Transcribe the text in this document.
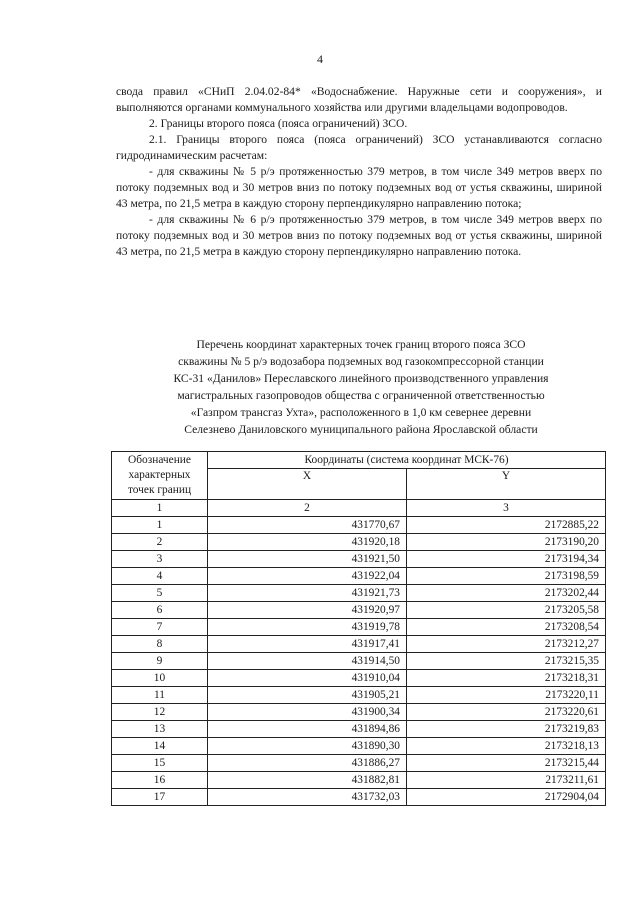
4

свода правил «СНиП 2.04.02-84* «Водоснабжение. Наружные сети и сооружения», и выполняются органами коммунального хозяйства или другими владельцами водопроводов.

2. Границы второго пояса (пояса ограничений) ЗСО.

2.1. Границы второго пояса (пояса ограничений) ЗСО устанавливаются согласно гидродинамическим расчетам:

- для скважины № 5 р/э протяженностью 379 метров, в том числе 349 метров вверх по потоку подземных вод и 30 метров вниз по потоку подземных вод от устья скважины, шириной 43 метра, по 21,5 метра в каждую сторону перпендикулярно направлению потока;

- для скважины № 6 р/э протяженностью 379 метров, в том числе 349 метров вверх по потоку подземных вод и 30 метров вниз по потоку подземных вод от устья скважины, шириной 43 метра, по 21,5 метра в каждую сторону перпендикулярно направлению потока.

Перечень координат характерных точек границ второго пояса ЗСО
скважины № 5 р/э водозабора подземных вод газокомпрессорной станции
КС-31 «Данилов» Переславского линейного производственного управления
магистральных газопроводов общества с ограниченной ответственностью
«Газпром трансгаз Ухта», расположенного в 1,0 км севернее деревни
Селезнево Даниловского муниципального района Ярославской области
Обозначение характерных точек границ	Координаты (система координат МСК-76)	
	X	Y
1	2	3
1	431770,67	2172885,22
2	431920,18	2173190,20
3	431921,50	2173194,34
4	431922,04	2173198,59
5	431921,73	2173202,44
6	431920,97	2173205,58
7	431919,78	2173208,54
8	431917,41	2173212,27
9	431914,50	2173215,35
10	431910,04	2173218,31
11	431905,21	2173220,11
12	431900,34	2173220,61
13	431894,86	2173219,83
14	431890,30	2173218,13
15	431886,27	2173215,44
16	431882,81	2173211,61
17	431732,03	2172904,04
